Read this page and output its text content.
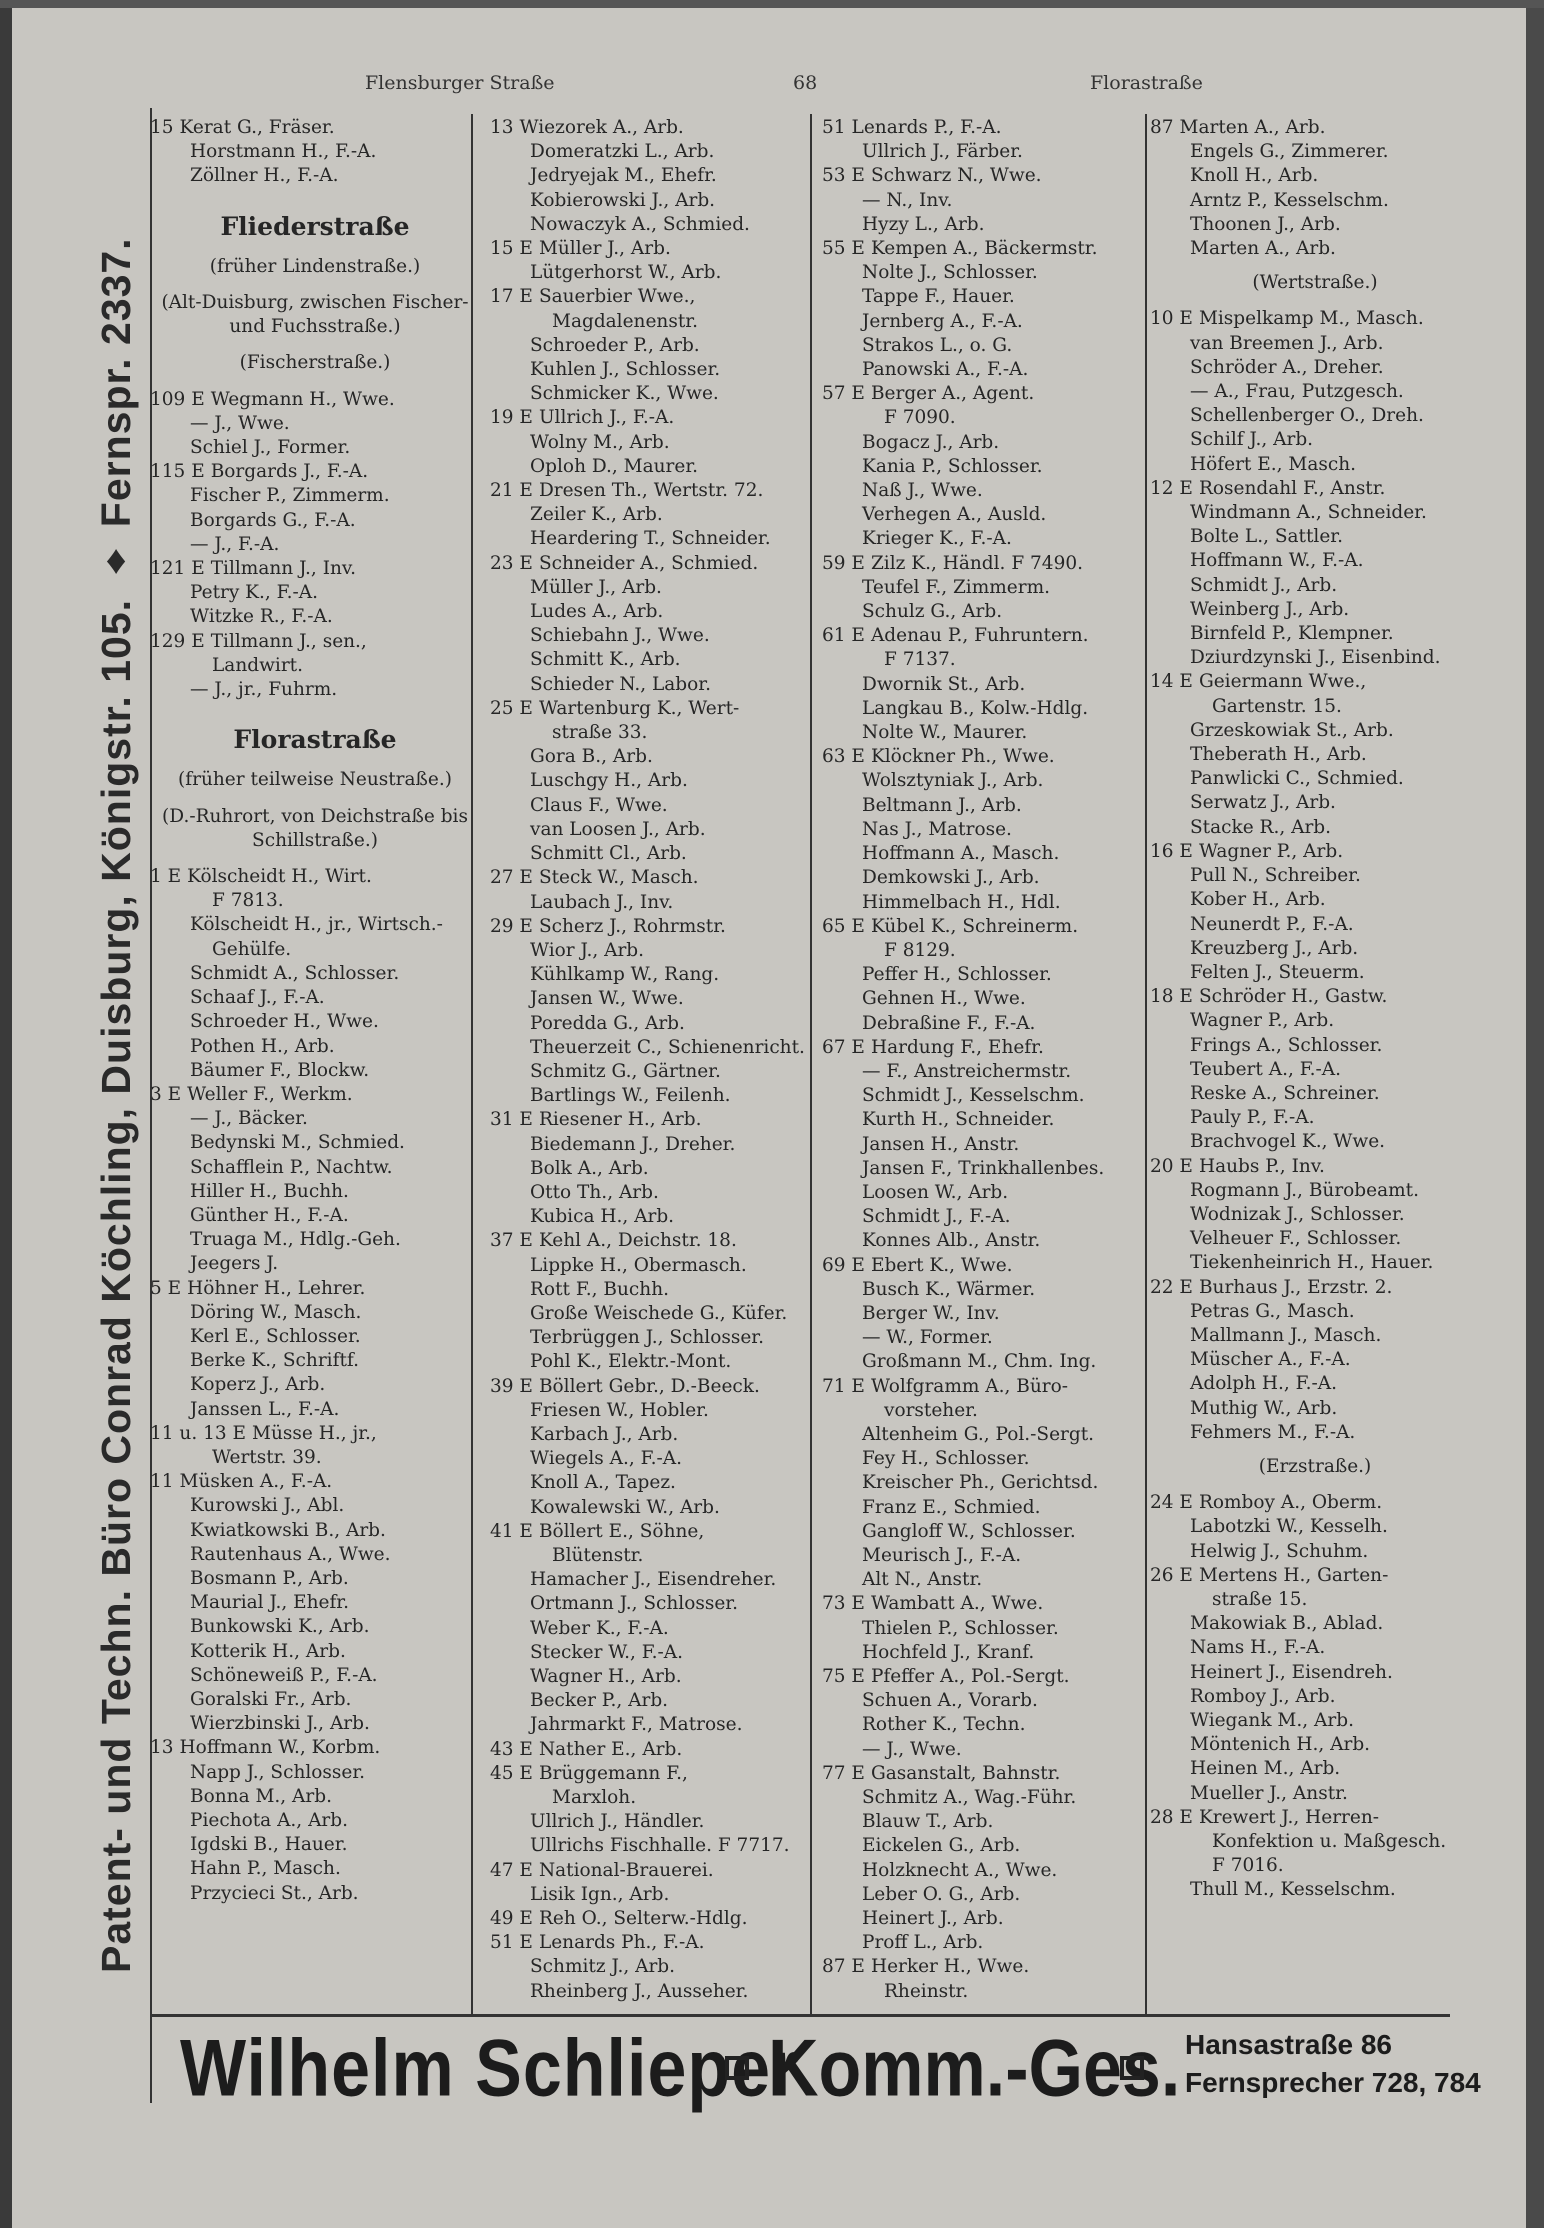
Flensburger Straße	68	Florastraße
Patent- und Techn. Büro Conrad Köchling, Duisburg, Königstr. 105. ♦ Fernspr. 2337.
15 Kerat G., Fräser.
Horstmann H., F.-A.
Zöllner H., F.-A.
Fliederstraße
(früher Lindenstraße.)
(Alt-Duisburg, zwischen Fischer- und Fuchsstraße.)
(Fischerstraße.)
109 E Wegmann H., Wwe.
— J., Wwe.
Schiel J., Former.
115 E Borgards J., F.-A.
Fischer P., Zimmerm.
Borgards G., F.-A.
— J., F.-A.
121 E Tillmann J., Inv.
Petry K., F.-A.
Witzke R., F.-A.
129 E Tillmann J., sen.,
Landwirt.
— J., jr., Fuhrm.
Florastraße
(früher teilweise Neustraße.)
(D.-Ruhrort, von Deichstraße bis Schillstraße.)
1 E Kölscheidt H., Wirt.
F 7813.
Kölscheidt H., jr., Wirtsch.-
Gehülfe.
Schmidt A., Schlosser.
Schaaf J., F.-A.
Schroeder H., Wwe.
Pothen H., Arb.
Bäumer F., Blockw.
3 E Weller F., Werkm.
— J., Bäcker.
Bedynski M., Schmied.
Schafflein P., Nachtw.
Hiller H., Buchh.
Günther H., F.-A.
Truaga M., Hdlg.-Geh.
Jeegers J.
5 E Höhner H., Lehrer.
Döring W., Masch.
Kerl E., Schlosser.
Berke K., Schriftf.
Koperz J., Arb.
Janssen L., F.-A.
11 u. 13 E Müsse H., jr.,
Wertstr. 39.
11 Müsken A., F.-A.
Kurowski J., Abl.
Kwiatkowski B., Arb.
Rautenhaus A., Wwe.
Bosmann P., Arb.
Maurial J., Ehefr.
Bunkowski K., Arb.
Kotterik H., Arb.
Schöneweiß P., F.-A.
Goralski Fr., Arb.
Wierzbinski J., Arb.
13 Hoffmann W., Korbm.
Napp J., Schlosser.
Bonna M., Arb.
Piechota A., Arb.
Igdski B., Hauer.
Hahn P., Masch.
Przycieci St., Arb.
13 Wiezorek A., Arb.
Domeratzki L., Arb.
Jedryejak M., Ehefr.
Kobierowski J., Arb.
Nowaczyk A., Schmied.
15 E Müller J., Arb.
Lütgerhorst W., Arb.
17 E Sauerbier Wwe.,
Magdalenenstr.
Schroeder P., Arb.
Kuhlen J., Schlosser.
Schmicker K., Wwe.
19 E Ullrich J., F.-A.
Wolny M., Arb.
Oploh D., Maurer.
21 E Dresen Th., Wertstr. 72.
Zeiler K., Arb.
Heardering T., Schneider.
23 E Schneider A., Schmied.
Müller J., Arb.
Ludes A., Arb.
Schiebahn J., Wwe.
Schmitt K., Arb.
Schieder N., Labor.
25 E Wartenburg K., Wert-
straße 33.
Gora B., Arb.
Luschgy H., Arb.
Claus F., Wwe.
van Loosen J., Arb.
Schmitt Cl., Arb.
27 E Steck W., Masch.
Laubach J., Inv.
29 E Scherz J., Rohrmstr.
Wior J., Arb.
Kühlkamp W., Rang.
Jansen W., Wwe.
Poredda G., Arb.
Theuerzeit C., Schienenricht.
Schmitz G., Gärtner.
Bartlings W., Feilenh.
31 E Riesener H., Arb.
Biedemann J., Dreher.
Bolk A., Arb.
Otto Th., Arb.
Kubica H., Arb.
37 E Kehl A., Deichstr. 18.
Lippke H., Obermasch.
Rott F., Buchh.
Große Weischede G., Küfer.
Terbrüggen J., Schlosser.
Pohl K., Elektr.-Mont.
39 E Böllert Gebr., D.-Beeck.
Friesen W., Hobler.
Karbach J., Arb.
Wiegels A., F.-A.
Knoll A., Tapez.
Kowalewski W., Arb.
41 E Böllert E., Söhne,
Blütenstr.
Hamacher J., Eisendreher.
Ortmann J., Schlosser.
Weber K., F.-A.
Stecker W., F.-A.
Wagner H., Arb.
Becker P., Arb.
Jahrmarkt F., Matrose.
43 E Nather E., Arb.
45 E Brüggemann F.,
Marxloh.
Ullrich J., Händler.
Ullrichs Fischhalle. F 7717.
47 E National-Brauerei.
Lisik Ign., Arb.
49 E Reh O., Selterw.-Hdlg.
51 E Lenards Ph., F.-A.
Schmitz J., Arb.
Rheinberg J., Ausseher.
51 Lenards P., F.-A.
Ullrich J., Färber.
53 E Schwarz N., Wwe.
— N., Inv.
Hyzy L., Arb.
55 E Kempen A., Bäckermstr.
Nolte J., Schlosser.
Tappe F., Hauer.
Jernberg A., F.-A.
Strakos L., o. G.
Panowski A., F.-A.
57 E Berger A., Agent.
F 7090.
Bogacz J., Arb.
Kania P., Schlosser.
Naß J., Wwe.
Verhegen A., Ausld.
Krieger K., F.-A.
59 E Zilz K., Händl. F 7490.
Teufel F., Zimmerm.
Schulz G., Arb.
61 E Adenau P., Fuhruntern.
F 7137.
Dwornik St., Arb.
Langkau B., Kolw.-Hdlg.
Nolte W., Maurer.
63 E Klöckner Ph., Wwe.
Wolsztyniak J., Arb.
Beltmann J., Arb.
Nas J., Matrose.
Hoffmann A., Masch.
Demkowski J., Arb.
Himmelbach H., Hdl.
65 E Kübel K., Schreinerm.
F 8129.
Peffer H., Schlosser.
Gehnen H., Wwe.
Debraßine F., F.-A.
67 E Hardung F., Ehefr.
— F., Anstreichermstr.
Schmidt J., Kesselschm.
Kurth H., Schneider.
Jansen H., Anstr.
Jansen F., Trinkhallenbes.
Loosen W., Arb.
Schmidt J., F.-A.
Konnes Alb., Anstr.
69 E Ebert K., Wwe.
Busch K., Wärmer.
Berger W., Inv.
— W., Former.
Großmann M., Chm. Ing.
71 E Wolfgramm A., Büro-
vorsteher.
Altenheim G., Pol.-Sergt.
Fey H., Schlosser.
Kreischer Ph., Gerichtsd.
Franz E., Schmied.
Gangloff W., Schlosser.
Meurisch J., F.-A.
Alt N., Anstr.
73 E Wambatt A., Wwe.
Thielen P., Schlosser.
Hochfeld J., Kranf.
75 E Pfeffer A., Pol.-Sergt.
Schuen A., Vorarb.
Rother K., Techn.
— J., Wwe.
77 E Gasanstalt, Bahnstr.
Schmitz A., Wag.-Führ.
Blauw T., Arb.
Eickelen G., Arb.
Holzknecht A., Wwe.
Leber O. G., Arb.
Heinert J., Arb.
Proff L., Arb.
87 E Herker H., Wwe.
Rheinstr.
87 Marten A., Arb.
Engels G., Zimmerer.
Knoll H., Arb.
Arntz P., Kesselschm.
Thoonen J., Arb.
Marten A., Arb.
(Wertstraße.)
10 E Mispelkamp M., Masch.
van Breemen J., Arb.
Schröder A., Dreher.
— A., Frau, Putzgesch.
Schellenberger O., Dreh.
Schilf J., Arb.
Höfert E., Masch.
12 E Rosendahl F., Anstr.
Windmann A., Schneider.
Bolte L., Sattler.
Hoffmann W., F.-A.
Schmidt J., Arb.
Weinberg J., Arb.
Birnfeld P., Klempner.
Dziurdzynski J., Eisenbind.
14 E Geiermann Wwe.,
Gartenstr. 15.
Grzeskowiak St., Arb.
Theberath H., Arb.
Panwlicki C., Schmied.
Serwatz J., Arb.
Stacke R., Arb.
16 E Wagner P., Arb.
Pull N., Schreiber.
Kober H., Arb.
Neunerdt P., F.-A.
Kreuzberg J., Arb.
Felten J., Steuerm.
18 E Schröder H., Gastw.
Wagner P., Arb.
Frings A., Schlosser.
Teubert A., F.-A.
Reske A., Schreiner.
Pauly P., F.-A.
Brachvogel K., Wwe.
20 E Haubs P., Inv.
Rogmann J., Bürobeamt.
Wodnizak J., Schlosser.
Velheuer F., Schlosser.
Tiekenheinrich H., Hauer.
22 E Burhaus J., Erzstr. 2.
Petras G., Masch.
Mallmann J., Masch.
Müscher A., F.-A.
Adolph H., F.-A.
Muthig W., Arb.
Fehmers M., F.-A.
(Erzstraße.)
24 E Romboy A., Oberm.
Labotzki W., Kesselh.
Helwig J., Schuhm.
26 E Mertens H., Garten-
straße 15.
Makowiak B., Ablad.
Nams H., F.-A.
Heinert J., Eisendreh.
Romboy J., Arb.
Wiegank M., Arb.
Möntenich H., Arb.
Heinen M., Arb.
Mueller J., Anstr.
28 E Krewert J., Herren-
Konfektion u. Maßgesch.
F 7016.
Thull M., Kesselschm.
Wilhelm Schlieper
Komm.-Ges. Hansastraße 86
Fernsprecher 728, 784
